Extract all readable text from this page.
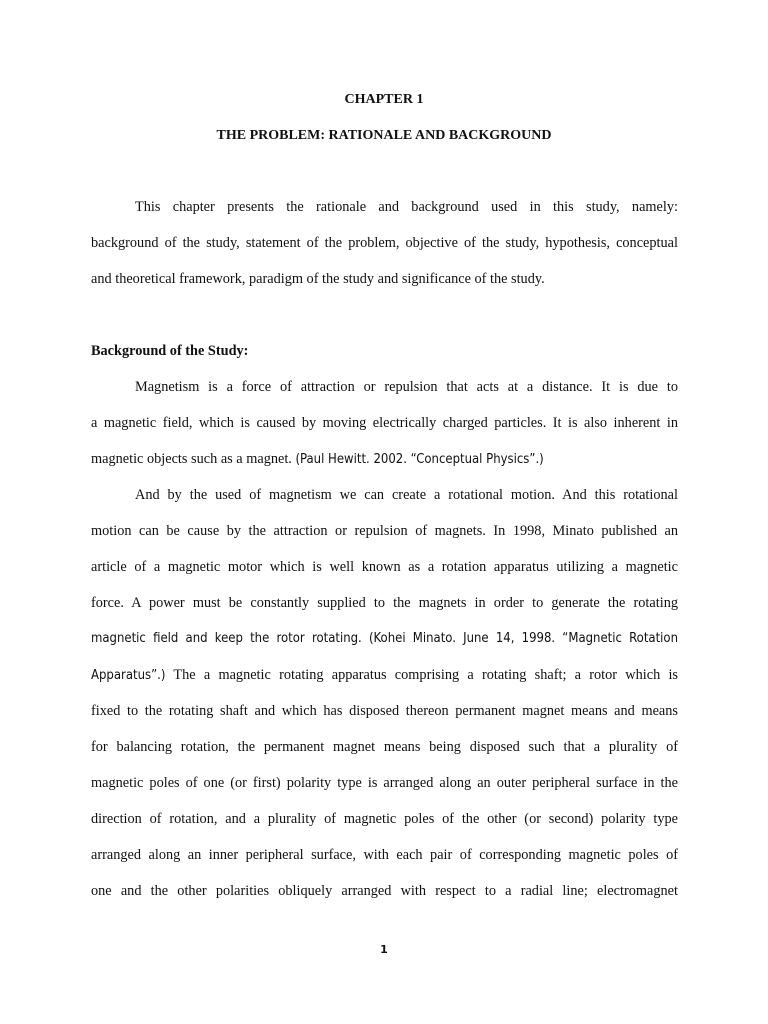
CHAPTER 1

THE PROBLEM: RATIONALE AND BACKGROUND

This chapter presents the rationale and background used in this study, namely:
background of the study, statement of the problem, objective of the study, hypothesis, conceptual
and theoretical framework, paradigm of the study and significance of the study.

Background of the Study:

Magnetism is a force of attraction or repulsion that acts at a distance. It is due to
a magnetic field, which is caused by moving electrically charged particles. It is also inherent in
magnetic objects such as a magnet. (Paul Hewitt. 2002. “Conceptual Physics”.)
And by the used of magnetism we can create a rotational motion. And this rotational
motion can be cause by the attraction or repulsion of magnets. In 1998, Minato published an
article of a magnetic motor which is well known as a rotation apparatus utilizing a magnetic
force. A power must be constantly supplied to the magnets in order to generate the rotating
magnetic field and keep the rotor rotating. (Kohei Minato. June 14, 1998. “Magnetic Rotation
Apparatus”.) The a magnetic rotating apparatus comprising a rotating shaft; a rotor which is
fixed to the rotating shaft and which has disposed thereon permanent magnet means and means
for balancing rotation, the permanent magnet means being disposed such that a plurality of
magnetic poles of one (or first) polarity type is arranged along an outer peripheral surface in the
direction of rotation, and a plurality of magnetic poles of the other (or second) polarity type
arranged along an inner peripheral surface, with each pair of corresponding magnetic poles of
one and the other polarities obliquely arranged with respect to a radial line; electromagnet
1
